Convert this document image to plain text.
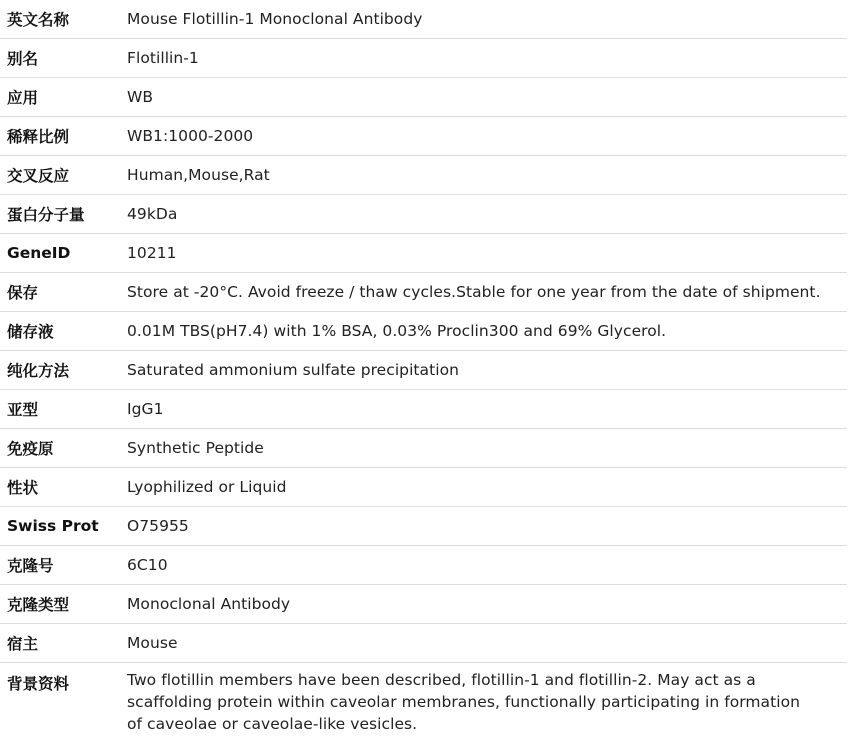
英文名称	Mouse Flotillin-1 Monoclonal Antibody
别名	Flotillin-1
应用	WB
稀释比例	WB1:1000-2000
交叉反应	Human,Mouse,Rat
蛋白分子量	49kDa
GeneID	10211
保存	Store at -20°C. Avoid freeze / thaw cycles.Stable for one year from the date of shipment.
储存液	0.01M TBS(pH7.4) with 1% BSA, 0.03% Proclin300 and 69% Glycerol.
纯化方法	Saturated ammonium sulfate precipitation
亚型	IgG1
免疫原	Synthetic Peptide
性状	Lyophilized or Liquid
Swiss Prot	O75955
克隆号	6C10
克隆类型	Monoclonal Antibody
宿主	Mouse
背景资料	Two flotillin members have been described, flotillin-1 and flotillin-2. May act as a scaffolding protein within caveolar membranes, functionally participating in formation of caveolae or caveolae-like vesicles.
